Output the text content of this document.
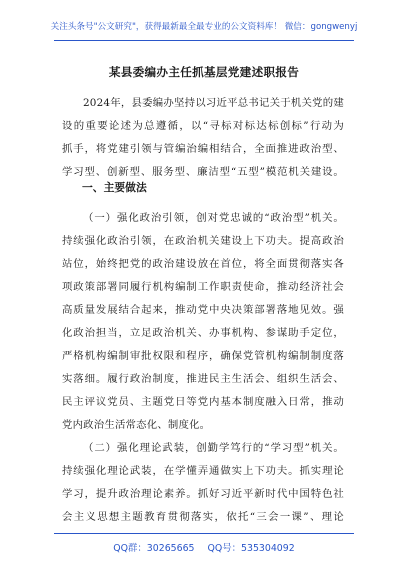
关注头条号"公文研究"，获得最新最全最专业的公文资料库！ 微信：gongwenyj
某县委编办主任抓基层党建述职报告
2024年，县委编办坚持以习近平总书记关于机关党的建
设的重要论述为总遵循，以“寻标对标达标创标”行动为
抓手，将党建引领与管编治编相结合，全面推进政治型、
学习型、创新型、服务型、廉洁型“五型”模范机关建设。
一、主要做法
（一）强化政治引领，创对党忠诚的“政治型”机关。
持续强化政治引领，在政治机关建设上下功夫。提高政治
站位，始终把党的政治建设放在首位，将全面贯彻落实各
项政策部署同履行机构编制工作职责使命，推动经济社会
高质量发展结合起来，推动党中央决策部署落地见效。强
化政治担当，立足政治机关、办事机构、参谋助手定位，
严格机构编制审批权限和程序，确保党管机构编制制度落
实落细。履行政治制度，推进民主生活会、组织生活会、
民主评议党员、主题党日等党内基本制度融入日常，推动
党内政治生活常态化、制度化。
（二）强化理论武装，创勤学笃行的“学习型”机关。
持续强化理论武装，在学懂弄通做实上下功夫。抓实理论
学习，提升政治理论素养。抓好习近平新时代中国特色社
会主义思想主题教育贯彻落实，依托“三会一课”、理论
QQ群：30265665 QQ号：535304092
